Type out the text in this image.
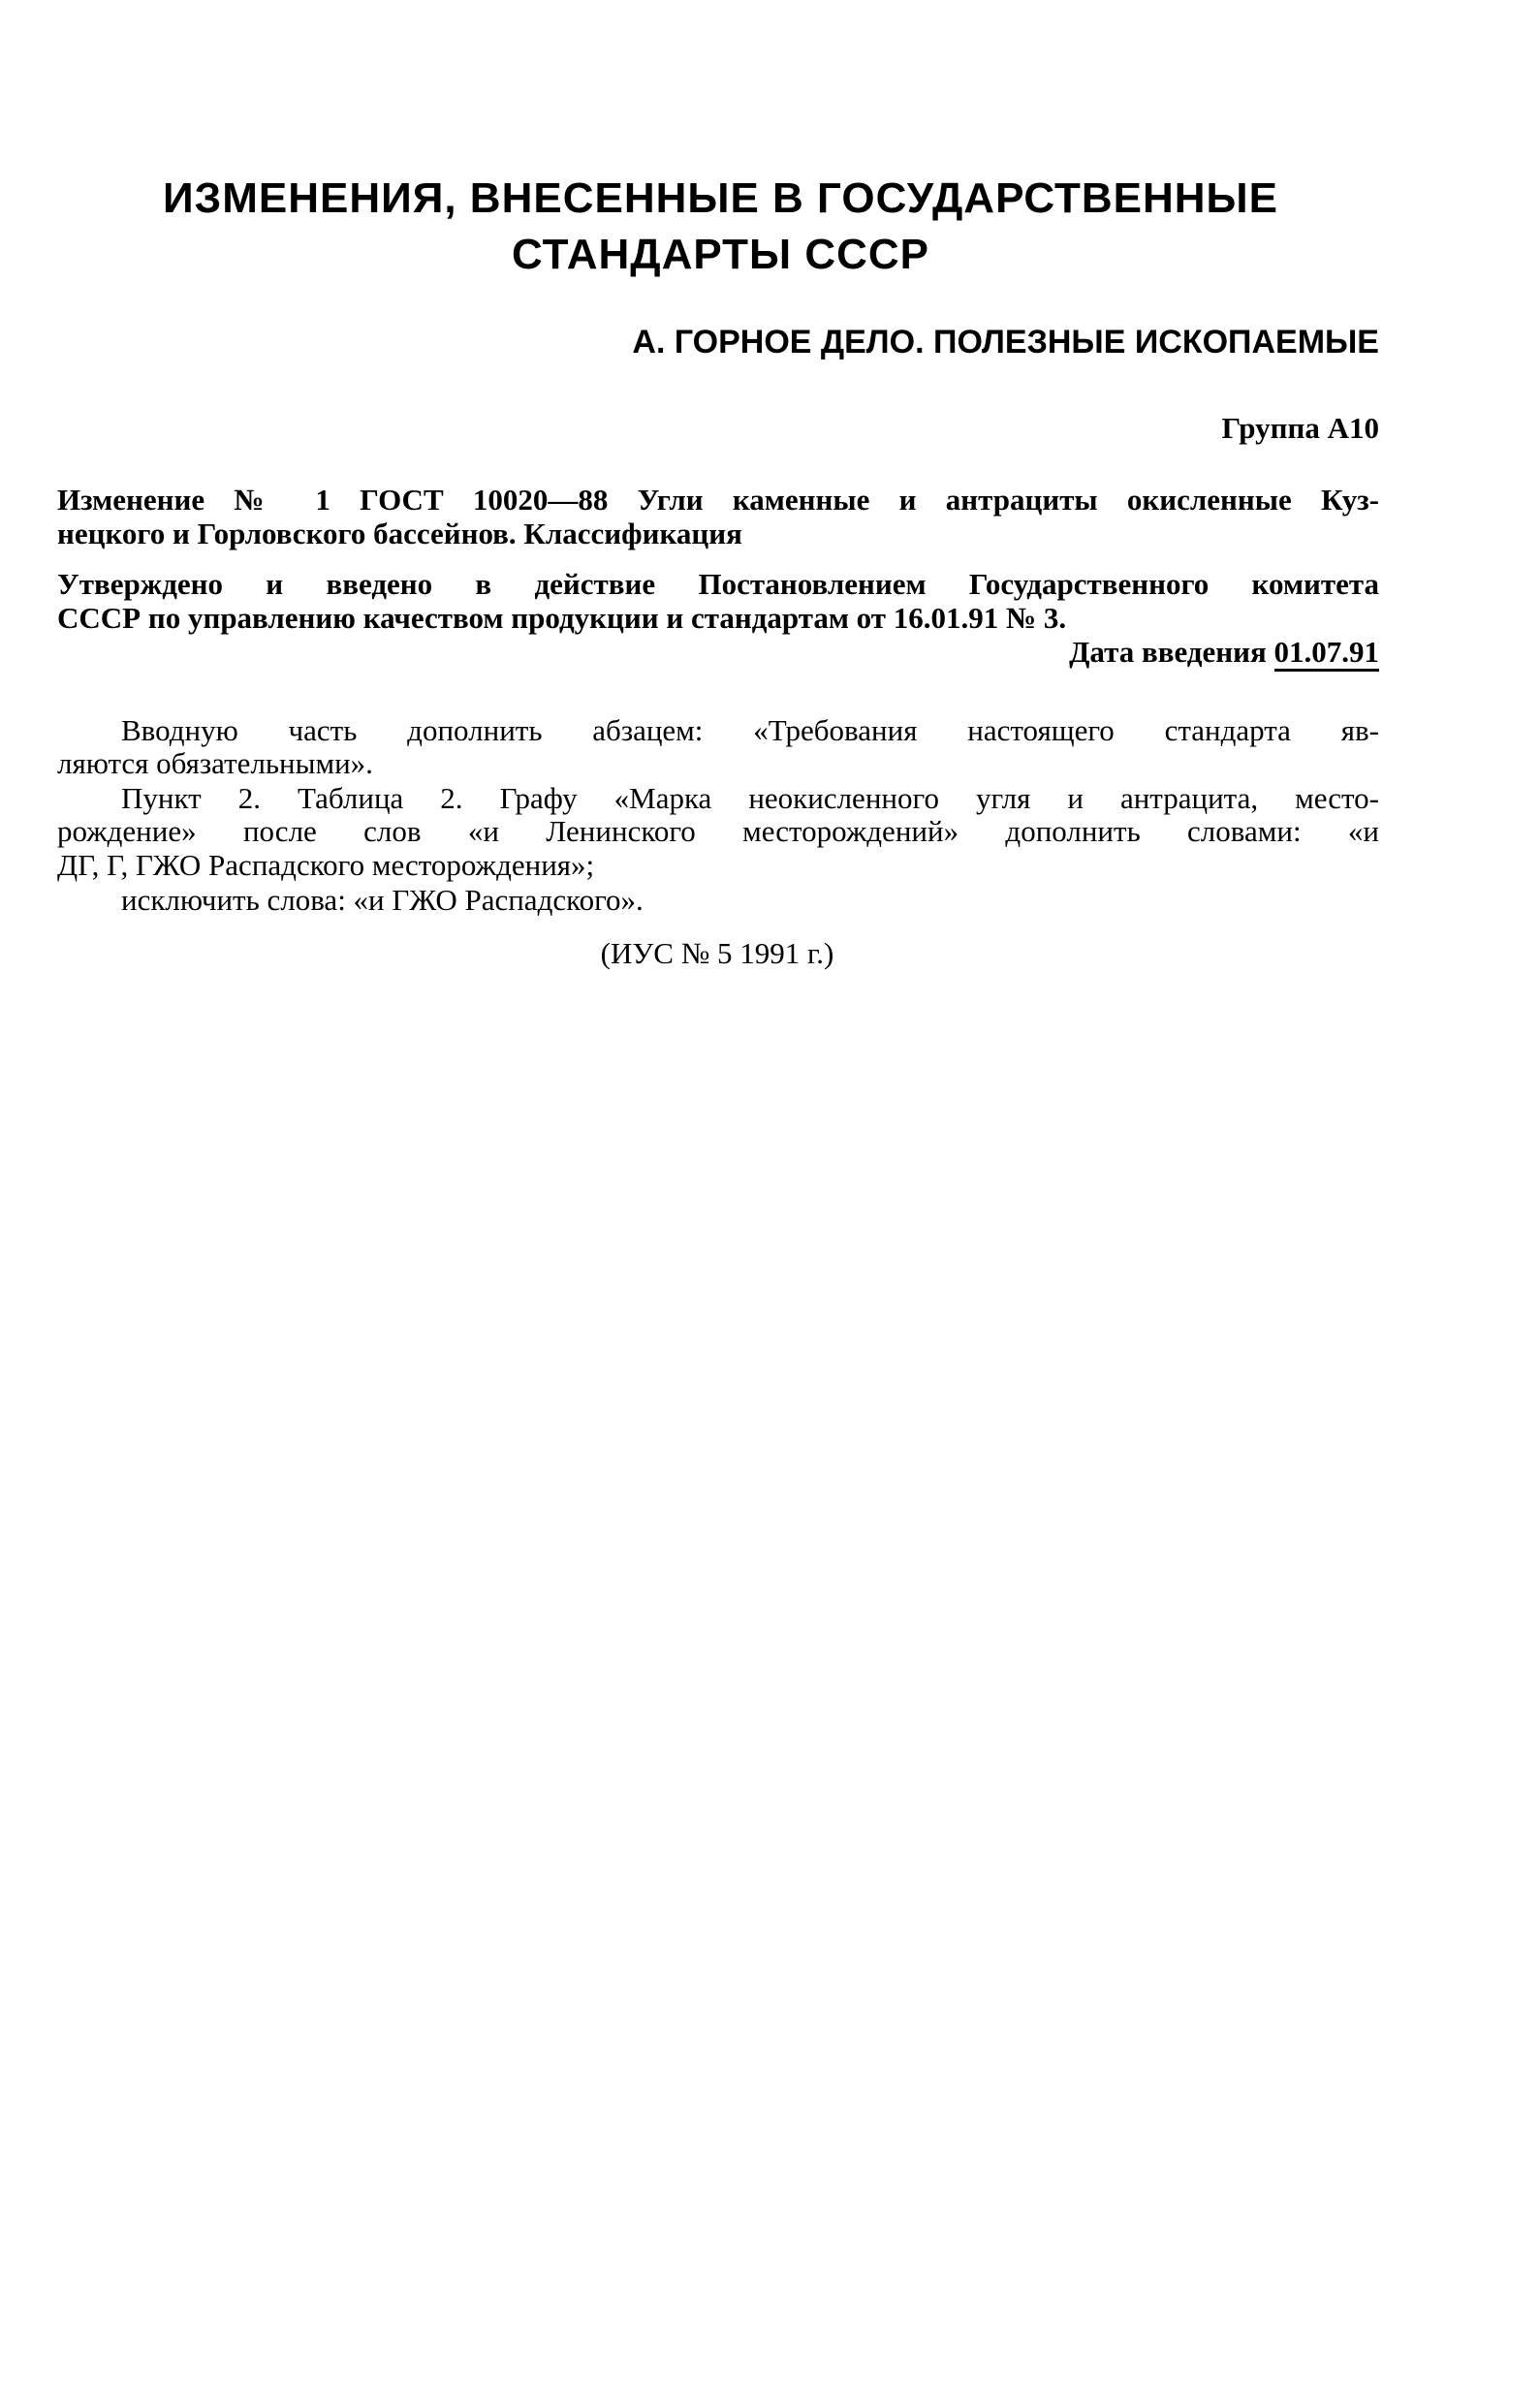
ИЗМЕНЕНИЯ, ВНЕСЕННЫЕ В ГОСУДАРСТВЕННЫЕ
СТАНДАРТЫ СССР
А. ГОРНОЕ ДЕЛО. ПОЛЕЗНЫЕ ИСКОПАЕМЫЕ
Группа А10
Изменение № 1 ГОСТ 10020—88 Угли каменные и антрациты окисленные Куз-
нецкого и Горловского бассейнов. Классификация
Утверждено и введено в действие Постановлением Государственного комитета
СССР по управлению качеством продукции и стандартам от 16.01.91 № 3.
Дата введения 01.07.91
Вводную часть дополнить абзацем: «Требования настоящего стандарта яв-
ляются обязательными».
Пункт 2. Таблица 2. Графу «Марка неокисленного угля и антрацита, место-
рождение» после слов «и Ленинского месторождений» дополнить словами: «и
ДГ, Г, ГЖО Распадского месторождения»;
исключить слова: «и ГЖО Распадского».
(ИУС № 5 1991 г.)
